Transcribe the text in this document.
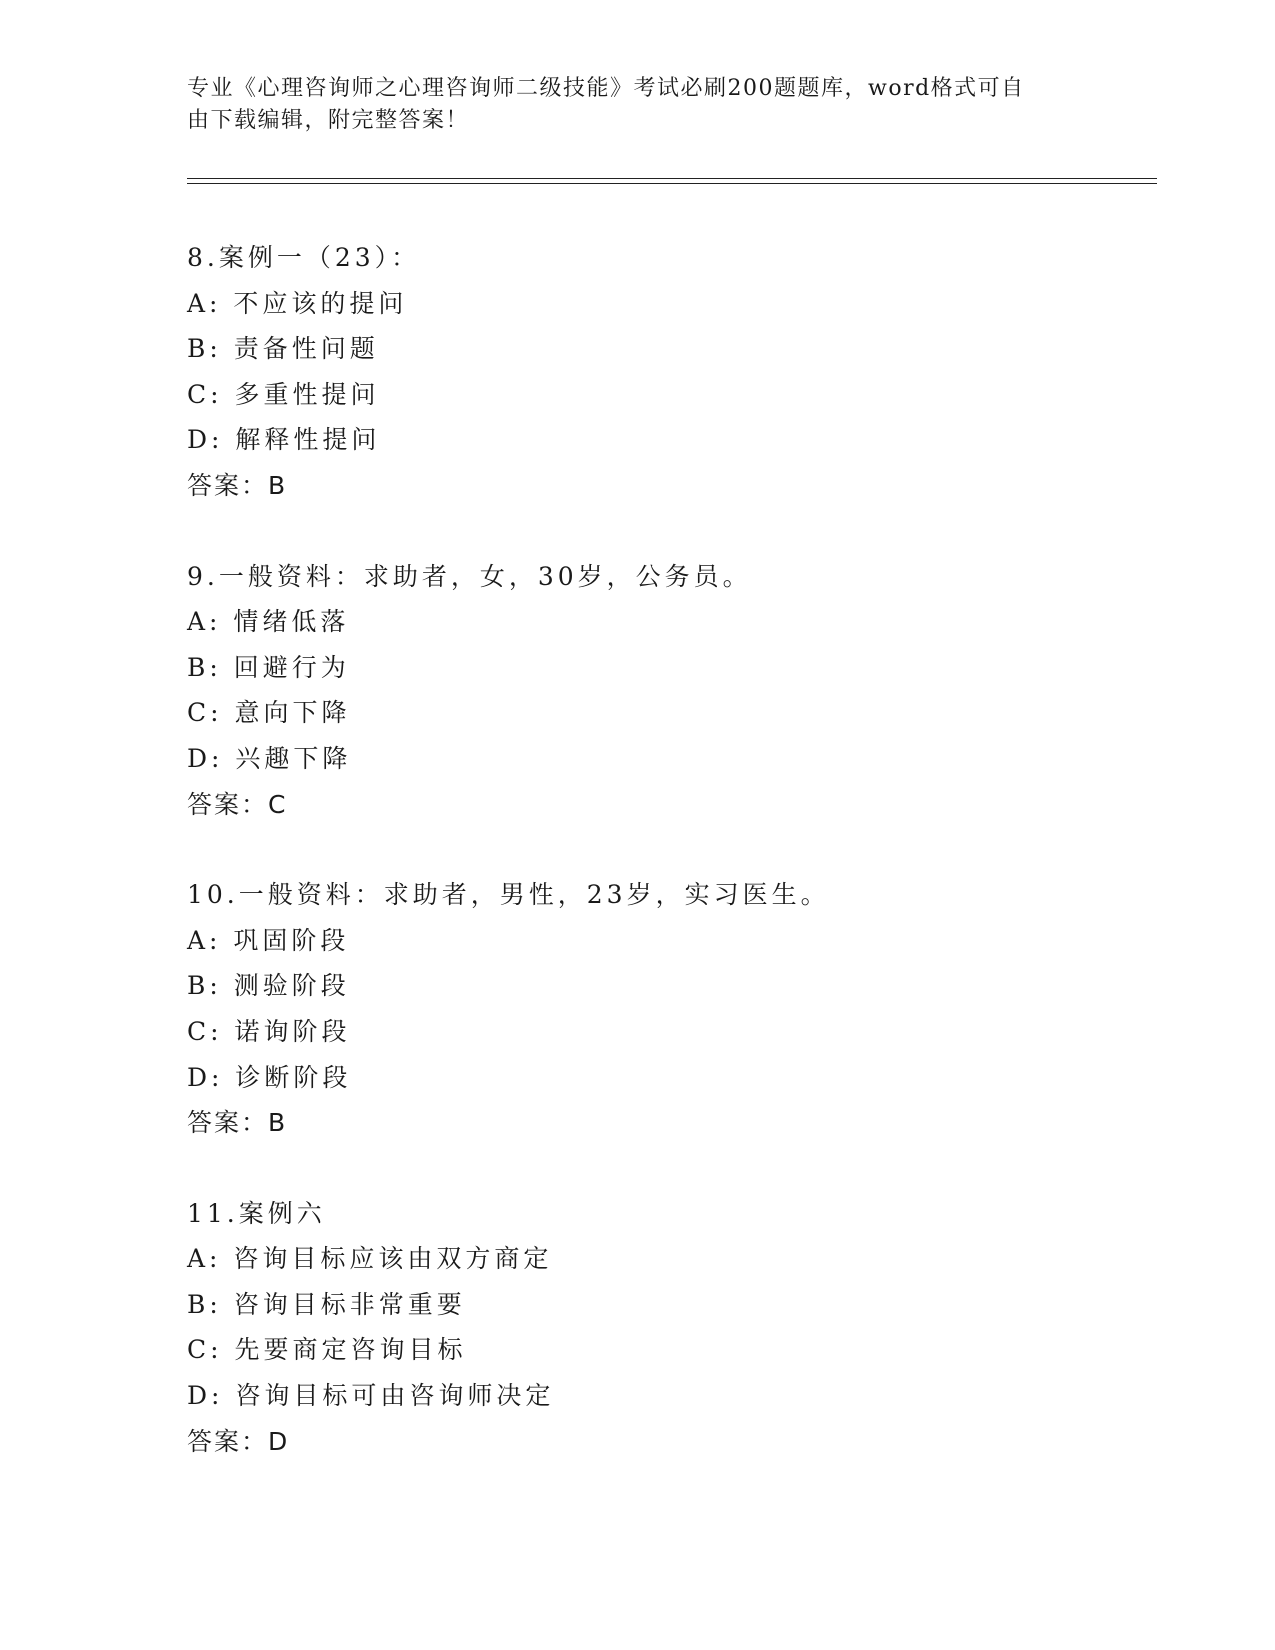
专业《心理咨询师之心理咨询师二级技能》考试必刷200题题库，word格式可自
由下载编辑，附完整答案！
8.案例一（23）：
A: 不应该的提问
B: 责备性问题
C: 多重性提问
D: 解释性提问
答案：B
9.一般资料：求助者，女，30岁，公务员。
A: 情绪低落
B: 回避行为
C: 意向下降
D: 兴趣下降
答案：C
10.一般资料：求助者，男性，23岁，实习医生。
A: 巩固阶段
B: 测验阶段
C: 诺询阶段
D: 诊断阶段
答案：B
11.案例六
A: 咨询目标应该由双方商定
B: 咨询目标非常重要
C: 先要商定咨询目标
D: 咨询目标可由咨询师决定
答案：D
